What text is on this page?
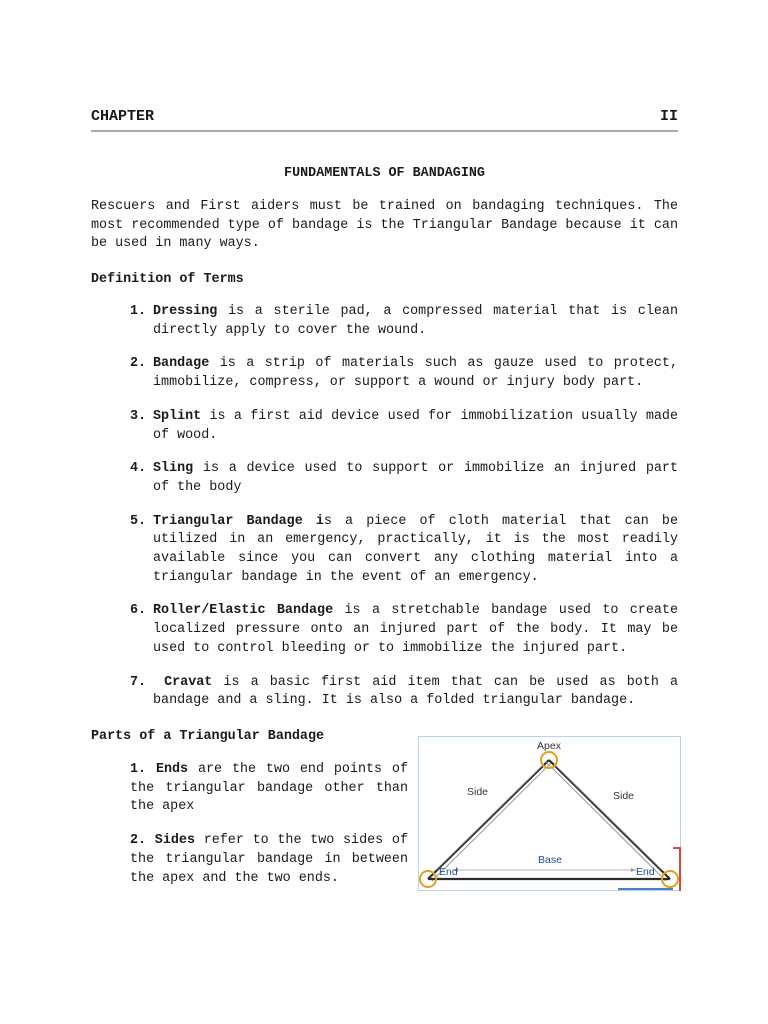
CHAPTER	II
FUNDAMENTALS OF BANDAGING

Rescuers and First aiders must be trained on bandaging techniques. The most recommended type of bandage is the Triangular Bandage because it can be used in many ways.

Definition of Terms
1. Dressing is a sterile pad, a compressed material that is clean directly apply to cover the wound.
2. Bandage is a strip of materials such as gauze used to protect, immobilize, compress, or support a wound or injury body part.
3. Splint is a first aid device used for immobilization usually made of wood.
4. Sling is a device used to support or immobilize an injured part of the body
5. Triangular Bandage is a piece of cloth material that can be utilized in an emergency, practically, it is the most readily available since you can convert any clothing material into a triangular bandage in the event of an emergency.
6. Roller/Elastic Bandage is a stretchable bandage used to create localized pressure onto an injured part of the body. It may be used to control bleeding or to immobilize the injured part.
7. Cravat is a basic first aid item that can be used as both a bandage and a sling. It is also a folded triangular bandage.
Parts of a Triangular Bandage
1. Ends are the two end points of the triangular bandage other than the apex
2. Sides refer to the two sides of the triangular bandage in between the apex and the two ends.
Apex
Side	Side
Base
End	End
